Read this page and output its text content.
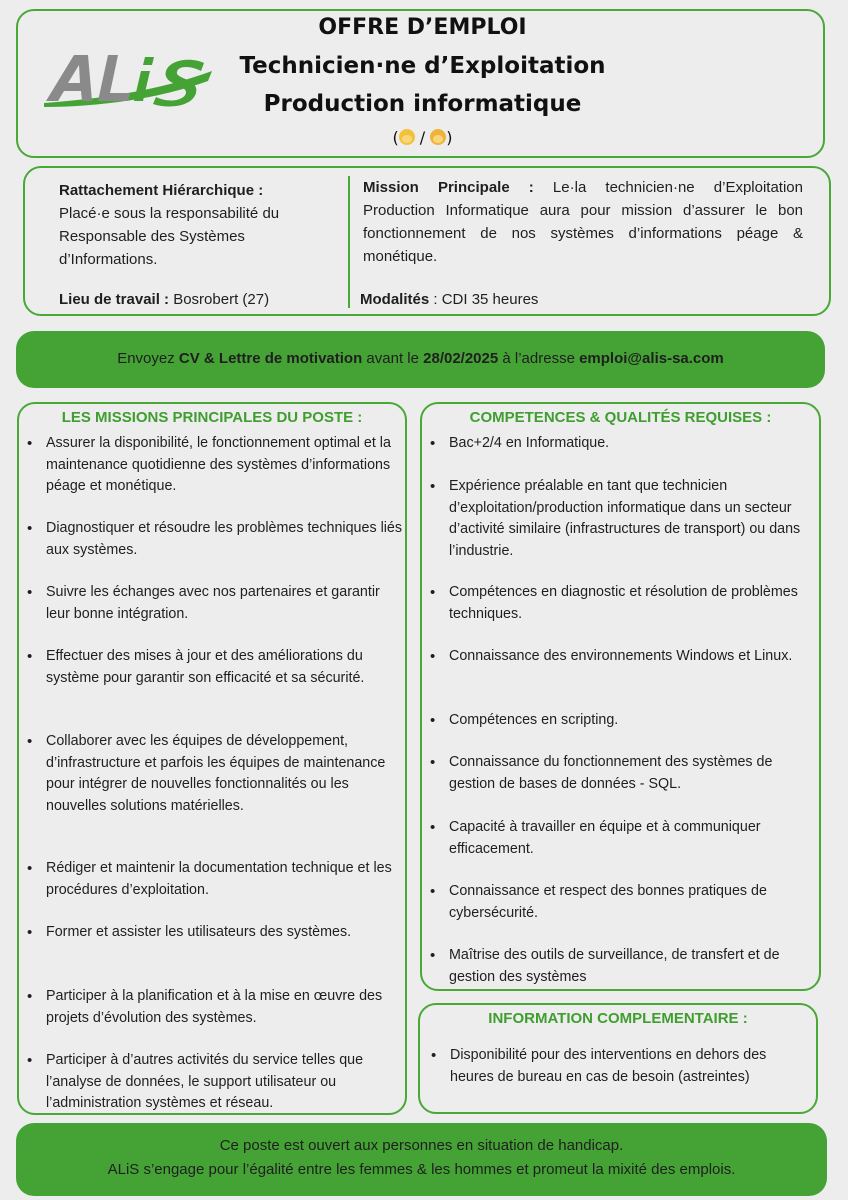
OFFRE D’EMPLOI
Technicien·ne d’Exploitation
Production informatique
( / )
Rattachement Hiérarchique :
Placé·e sous la responsabilité du Responsable des Systèmes d’Informations.
Lieu de travail : Bosrobert (27)
Mission Principale : Le·la technicien·ne d’Exploitation Production Informatique aura pour mission d’assurer le bon fonctionnement de nos systèmes d’informations péage & monétique.
Modalités : CDI 35 heures
Envoyez CV & Lettre de motivation avant le 28/02/2025 à l’adresse emploi@alis-sa.com
LES MISSIONS PRINCIPALES DU POSTE :
• Assurer la disponibilité, le fonctionnement optimal et la maintenance quotidienne des systèmes d’informations péage et monétique.
• Diagnostiquer et résoudre les problèmes techniques liés aux systèmes.
• Suivre les échanges avec nos partenaires et garantir leur bonne intégration.
• Effectuer des mises à jour et des améliorations du système pour garantir son efficacité et sa sécurité.
• Collaborer avec les équipes de développement, d’infrastructure et parfois les équipes de maintenance pour intégrer de nouvelles fonctionnalités ou les nouvelles solutions matérielles.
• Rédiger et maintenir la documentation technique et les procédures d’exploitation.
• Former et assister les utilisateurs des systèmes.
• Participer à la planification et à la mise en œuvre des projets d’évolution des systèmes.
• Participer à d’autres activités du service telles que l’analyse de données, le support utilisateur ou l’administration systèmes et réseau.
COMPETENCES & QUALITÉS REQUISES :
• Bac+2/4 en Informatique.
• Expérience préalable en tant que technicien d’exploitation/production informatique dans un secteur d’activité similaire (infrastructures de transport) ou dans l’industrie.
• Compétences en diagnostic et résolution de problèmes techniques.
• Connaissance des environnements Windows et Linux.
• Compétences en scripting.
• Connaissance du fonctionnement des systèmes de gestion de bases de données - SQL.
• Capacité à travailler en équipe et à communiquer efficacement.
• Connaissance et respect des bonnes pratiques de cybersécurité.
• Maîtrise des outils de surveillance, de transfert et de gestion des systèmes
INFORMATION COMPLEMENTAIRE :
• Disponibilité pour des interventions en dehors des heures de bureau en cas de besoin (astreintes)
Ce poste est ouvert aux personnes en situation de handicap.
ALiS s’engage pour l’égalité entre les femmes & les hommes et promeut la mixité des emplois.
